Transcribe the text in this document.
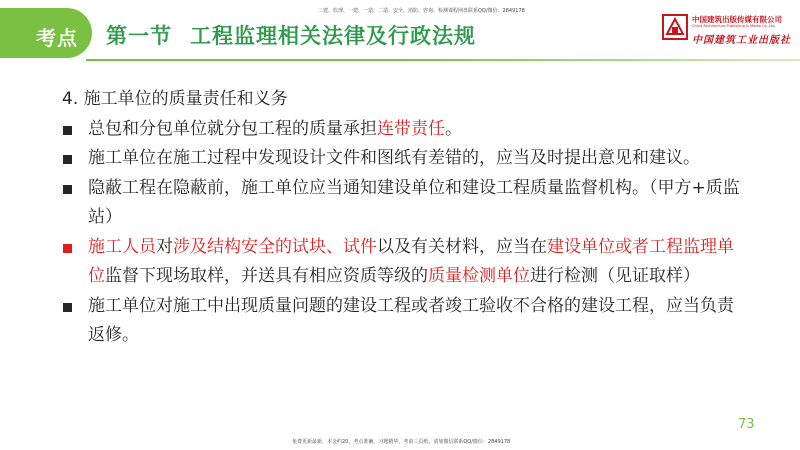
考点 第一节 工程监理相关法律及行政法规
二建、监理、一建、一造、二造、安全、消防、咨询、检测课程网盘联系QQ/微信：2849178
中国建筑出版传媒有限公司
China Architecture Publishing & Media Co.,Ltd.
中国建筑工业出版社
4. 施工单位的质量责任和义务
总包和分包单位就分包工程的质量承担连带责任。
施工单位在施工过程中发现设计文件和图纸有差错的，应当及时提出意见和建议。
隐蔽工程在隐蔽前，施工单位应当通知建设单位和建设工程质量监督机构。（甲方+质监站）
施工人员对涉及结构安全的试块、试件以及有关材料，应当在建设单位或者工程监理单位监督下现场取样，并送具有相应资质等级的质量检测单位进行检测（见证取样）
施工单位对施工中出现质量问题的建设工程或者竣工验收不合格的建设工程，应当负责返修。
73
免费更新最新，本金约20，考点准确，习题精华，考前三页纸，请加微信联系QQ/微信：2849178
